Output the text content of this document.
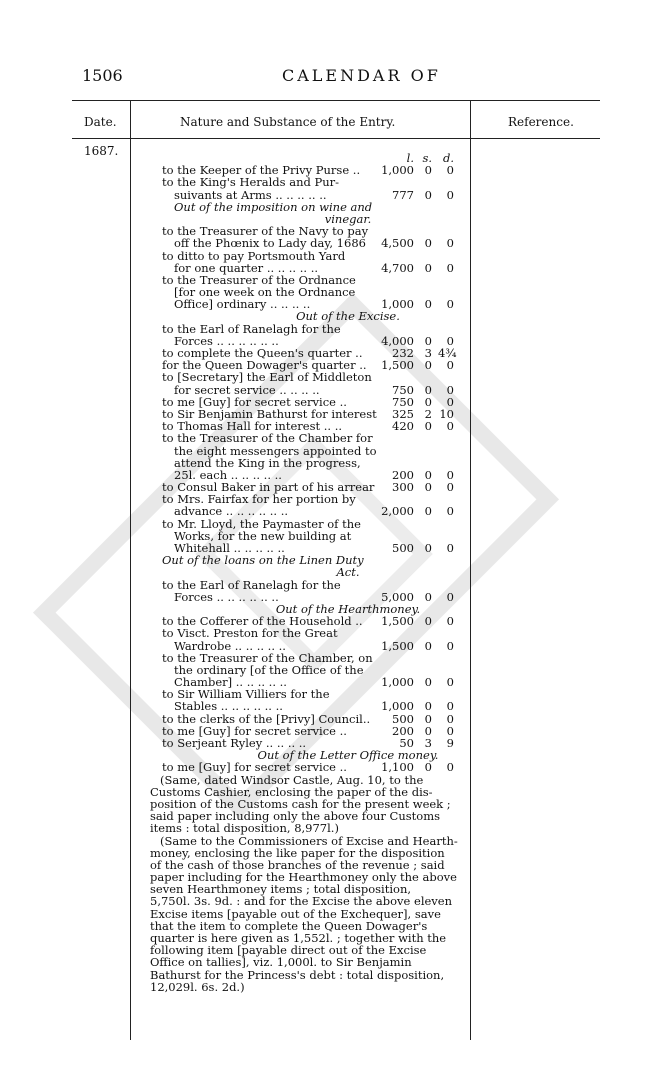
1506	CALENDAR OF
Date.	Nature and Substance of the Entry.	Reference.
1687.	l. s. d.
to the Keeper of the Privy Purse .. 1,000 0	0
to the King's Heralds and Pur-
suivants at Arms .. .. .. .. ..	777 0	0
Out of the imposition on wine and
vinegar.
to the Treasurer of the Navy to pay
off the Phœnix to Lady day, 1686 4,500 0	0
to ditto to pay Portsmouth Yard
for one quarter .. .. .. .. ..	4,700 0	0
to the Treasurer of the Ordnance
[for one week on the Ordnance
Office] ordinary .. .. .. ..	1,000 0	0
Out of the Excise.
to the Earl of Ranelagh for the
Forces .. .. .. .. .. ..	4,000 0	0
to complete the Queen's quarter ..	232 3 4¾
for the Queen Dowager's quarter .. 1,500 0	0
to [Secretary] the Earl of Middleton
for secret service .. .. .. ..	750 0	0
to me [Guy] for secret service ..	750 0	0
to Sir Benjamin Bathurst for interest	325 2 10
to Thomas Hall for interest .. ..	420 0	0
to the Treasurer of the Chamber for
the eight messengers appointed to
attend the King in the progress,
25l. each .. .. .. .. ..	200 0	0
to Consul Baker in part of his arrear	300 0	0
to Mrs. Fairfax for her portion by
advance .. .. .. .. .. ..	2,000 0	0
to Mr. Lloyd, the Paymaster of the
Works, for the new building at
Whitehall .. .. .. .. ..	500 0	0
Out of the loans on the Linen Duty
Act.
to the Earl of Ranelagh for the
Forces .. .. .. .. .. ..	5,000 0	0
Out of the Hearthmoney.
to the Cofferer of the Household .. 1,500 0	0
to Visct. Preston for the Great
Wardrobe .. .. .. .. ..	1,500 0	0
to the Treasurer of the Chamber, on
the ordinary [of the Office of the
Chamber] .. .. .. .. ..	1,000 0	0
to Sir William Villiers for the
Stables .. .. .. .. .. ..	1,000 0	0
to the clerks of the [Privy] Council..	500 0	0
to me [Guy] for secret service ..	200 0	0
to Serjeant Ryley .. .. .. ..	50 3	9
Out of the Letter Office money.
to me [Guy] for secret service ..	1,100 0	0
(Same, dated Windsor Castle, Aug. 10, to the
Customs Cashier, enclosing the paper of the dis-
position of the Customs cash for the present week ;
said paper including only the above four Customs
items : total disposition, 8,977l.)
(Same to the Commissioners of Excise and Hearth-
money, enclosing the like paper for the disposition
of the cash of those branches of the revenue ; said
paper including for the Hearthmoney only the above
seven Hearthmoney items ; total disposition,
5,750l. 3s. 9d. : and for the Excise the above eleven
Excise items [payable out of the Exchequer], save
that the item to complete the Queen Dowager's
quarter is here given as 1,552l. ; together with the
following item [payable direct out of the Excise
Office on tallies], viz. 1,000l. to Sir Benjamin
Bathurst for the Princess's debt : total disposition,
12,029l. 6s. 2d.)
